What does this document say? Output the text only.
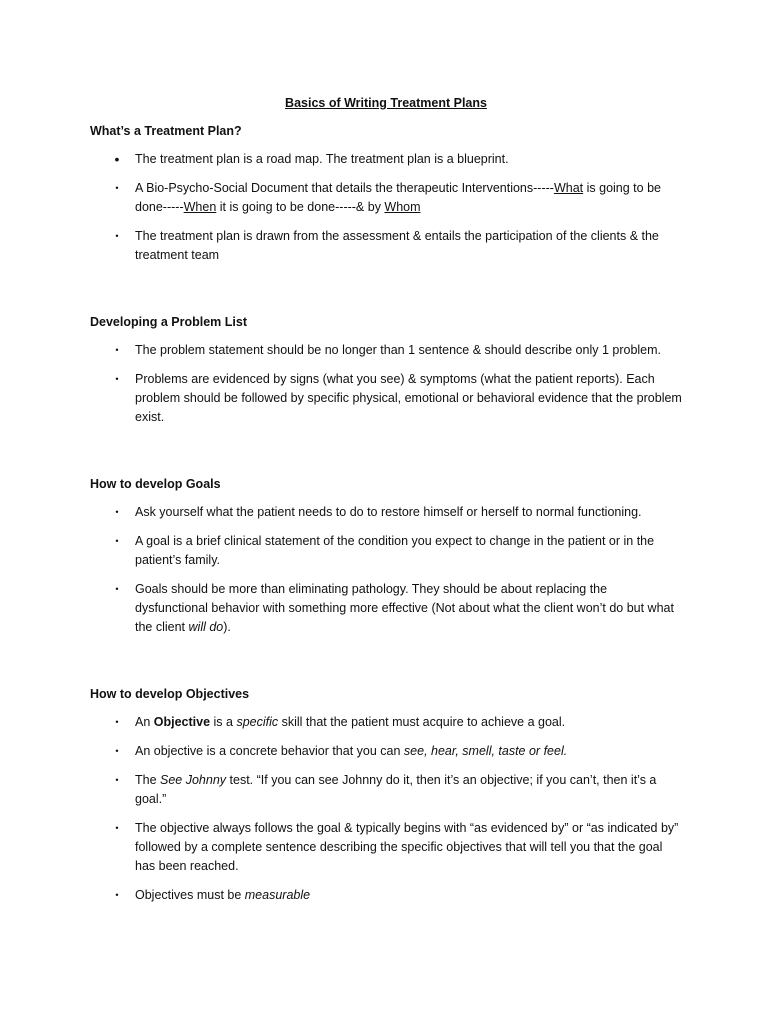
Basics of Writing Treatment Plans
What’s a Treatment Plan?
• The treatment plan is a road map. The treatment plan is a blueprint.
• A Bio-Psycho-Social Document that details the therapeutic Interventions-----What is going to be done-----When it is going to be done-----& by Whom
• The treatment plan is drawn from the assessment & entails the participation of the clients & the treatment team
Developing a Problem List
• The problem statement should be no longer than 1 sentence & should describe only 1 problem.
• Problems are evidenced by signs (what you see) & symptoms (what the patient reports). Each problem should be followed by specific physical, emotional or behavioral evidence that the problem exist.
How to develop Goals
• Ask yourself what the patient needs to do to restore himself or herself to normal functioning.
• A goal is a brief clinical statement of the condition you expect to change in the patient or in the patient’s family.
• Goals should be more than eliminating pathology. They should be about replacing the dysfunctional behavior with something more effective (Not about what the client won’t do but what the client will do).
How to develop Objectives
• An Objective is a specific skill that the patient must acquire to achieve a goal.
• An objective is a concrete behavior that you can see, hear, smell, taste or feel.
• The See Johnny test. “If you can see Johnny do it, then it’s an objective; if you can’t, then it’s a goal.”
• The objective always follows the goal & typically begins with “as evidenced by” or “as indicated by” followed by a complete sentence describing the specific objectives that will tell you that the goal has been reached.
• Objectives must be measurable
